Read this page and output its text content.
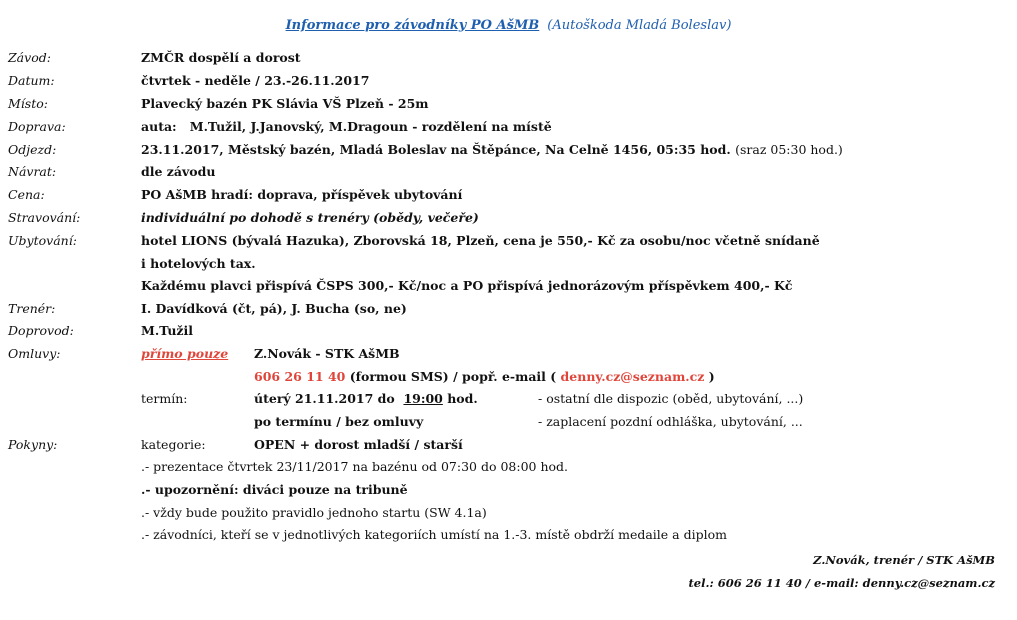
Informace pro závodníky PO AšMB (Autoškoda Mladá Boleslav)
Závod:	ZMČR dospělí a dorost
Datum:	čtvrtek - neděle / 23.-26.11.2017
Místo:	Plavecký bazén PK Slávia VŠ Plzeň - 25m
Doprava:	auta:   M.Tužil, J.Janovský, M.Dragoun - rozdělení na místě
Odjezd:	23.11.2017, Městský bazén, Mladá Boleslav na Štěpánce, Na Celně 1456, 05:35 hod. (sraz 05:30 hod.)
Návrat:	dle závodu
Cena:	PO AšMB hradí: doprava, příspěvek ubytování
Stravování:	individuální po dohodě s trenéry (obědy, večeře)
Ubytování:	hotel LIONS (bývalá Hazuka), Zborovská 18, Plzeň, cena je 550,- Kč za osobu/noc včetně snídaně
i hotelových tax.
Každému plavci přispívá ČSPS 300,- Kč/noc a PO přispívá jednorázovým příspěvkem 400,- Kč
Trenér:	I. Davídková (čt, pá), J. Bucha (so, ne)
Doprovod:	M.Tužil
Omluvy:	přímo pouze Z.Novák - STK AšMB
606 26 11 40 (formou SMS) / popř. e-mail ( denny.cz@seznam.cz )
termín:	úterý 21.11.2017 do 19:00 hod.	- ostatní dle dispozic (oběd, ubytování, ...)
po termínu / bez omluvy	- zaplacení pozdní odhláška, ubytování, ...
Pokyny:	kategorie:	OPEN + dorost mladší / starší
.- prezentace čtvrtek 23/11/2017 na bazénu od 07:30 do 08:00 hod.
.- upozornění: diváci pouze na tribuně
.- vždy bude použito pravidlo jednoho startu (SW 4.1a)
.- závodníci, kteří se v jednotlivých kategoriích umístí na 1.-3. místě obdrží medaile a diplom
Z.Novák, trenér / STK AšMB
tel.: 606 26 11 40 / e-mail: denny.cz@seznam.cz
